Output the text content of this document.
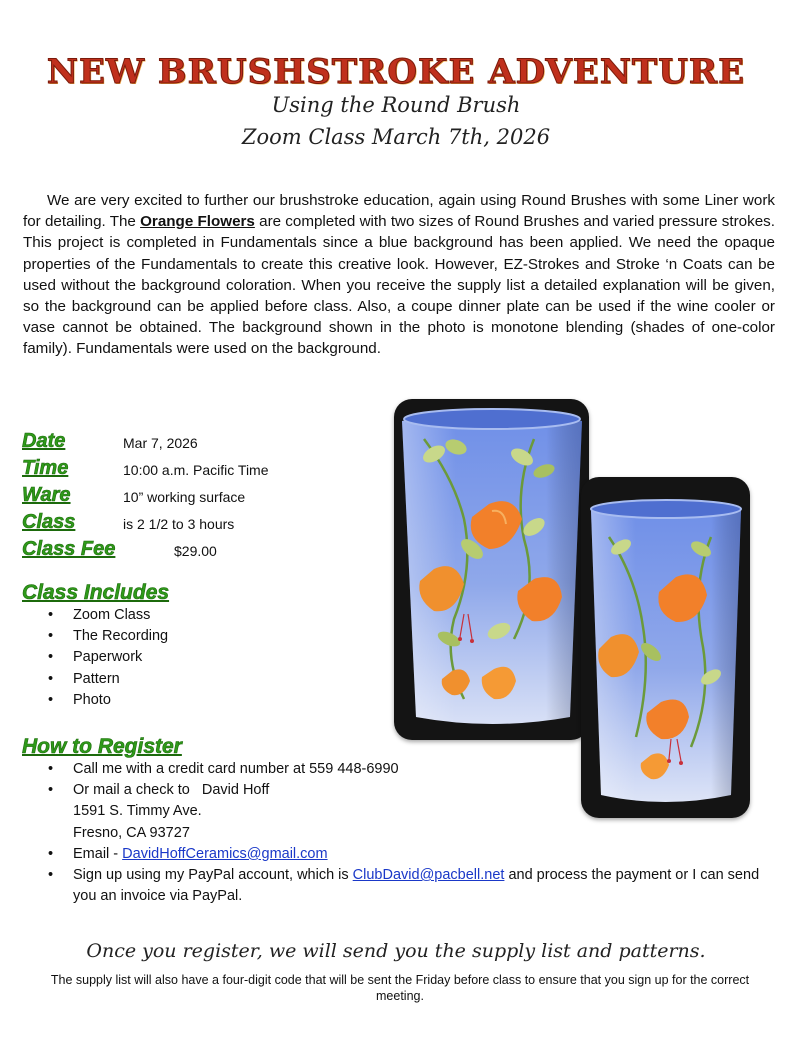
NEW BRUSHSTROKE ADVENTURE
Using the Round Brush
Zoom Class March 7th, 2026

We are very excited to further our brushstroke education, again using Round Brushes with some Liner work for detailing. The Orange Flowers are completed with two sizes of Round Brushes and varied pressure strokes. This project is completed in Fundamentals since a blue background has been applied. We need the opaque properties of the Fundamentals to create this creative look. However, EZ-Strokes and Stroke ‘n Coats can be used without the background coloration. When you receive the supply list a detailed explanation will be given, so the background can be applied before class. Also, a coupe dinner plate can be used if the wine cooler or vase cannot be obtained. The background shown in the photo is monotone blending (shades of one-color family). Fundamentals were used on the background.

Date	Mar 7, 2026
Time	10:00 a.m. Pacific Time
Ware	10” working surface
Class	is 2 1/2 to 3 hours
Class Fee	$29.00
Class Includes
• Zoom Class
• The Recording
• Paperwork
• Pattern
• Photo
How to Register
• Call me with a credit card number at 559 448-6990
• Or mail a check to David Hoff
1591 S. Timmy Ave.
Fresno, CA 93727
• Email - DavidHoffCeramics@gmail.com
• Sign up using my PayPal account, which is ClubDavid@pacbell.net and process the payment or I can send you an invoice via PayPal.
Once you register, we will send you the supply list and patterns.
The supply list will also have a four-digit code that will be sent the Friday before class to ensure that you sign up for the correct meeting.
